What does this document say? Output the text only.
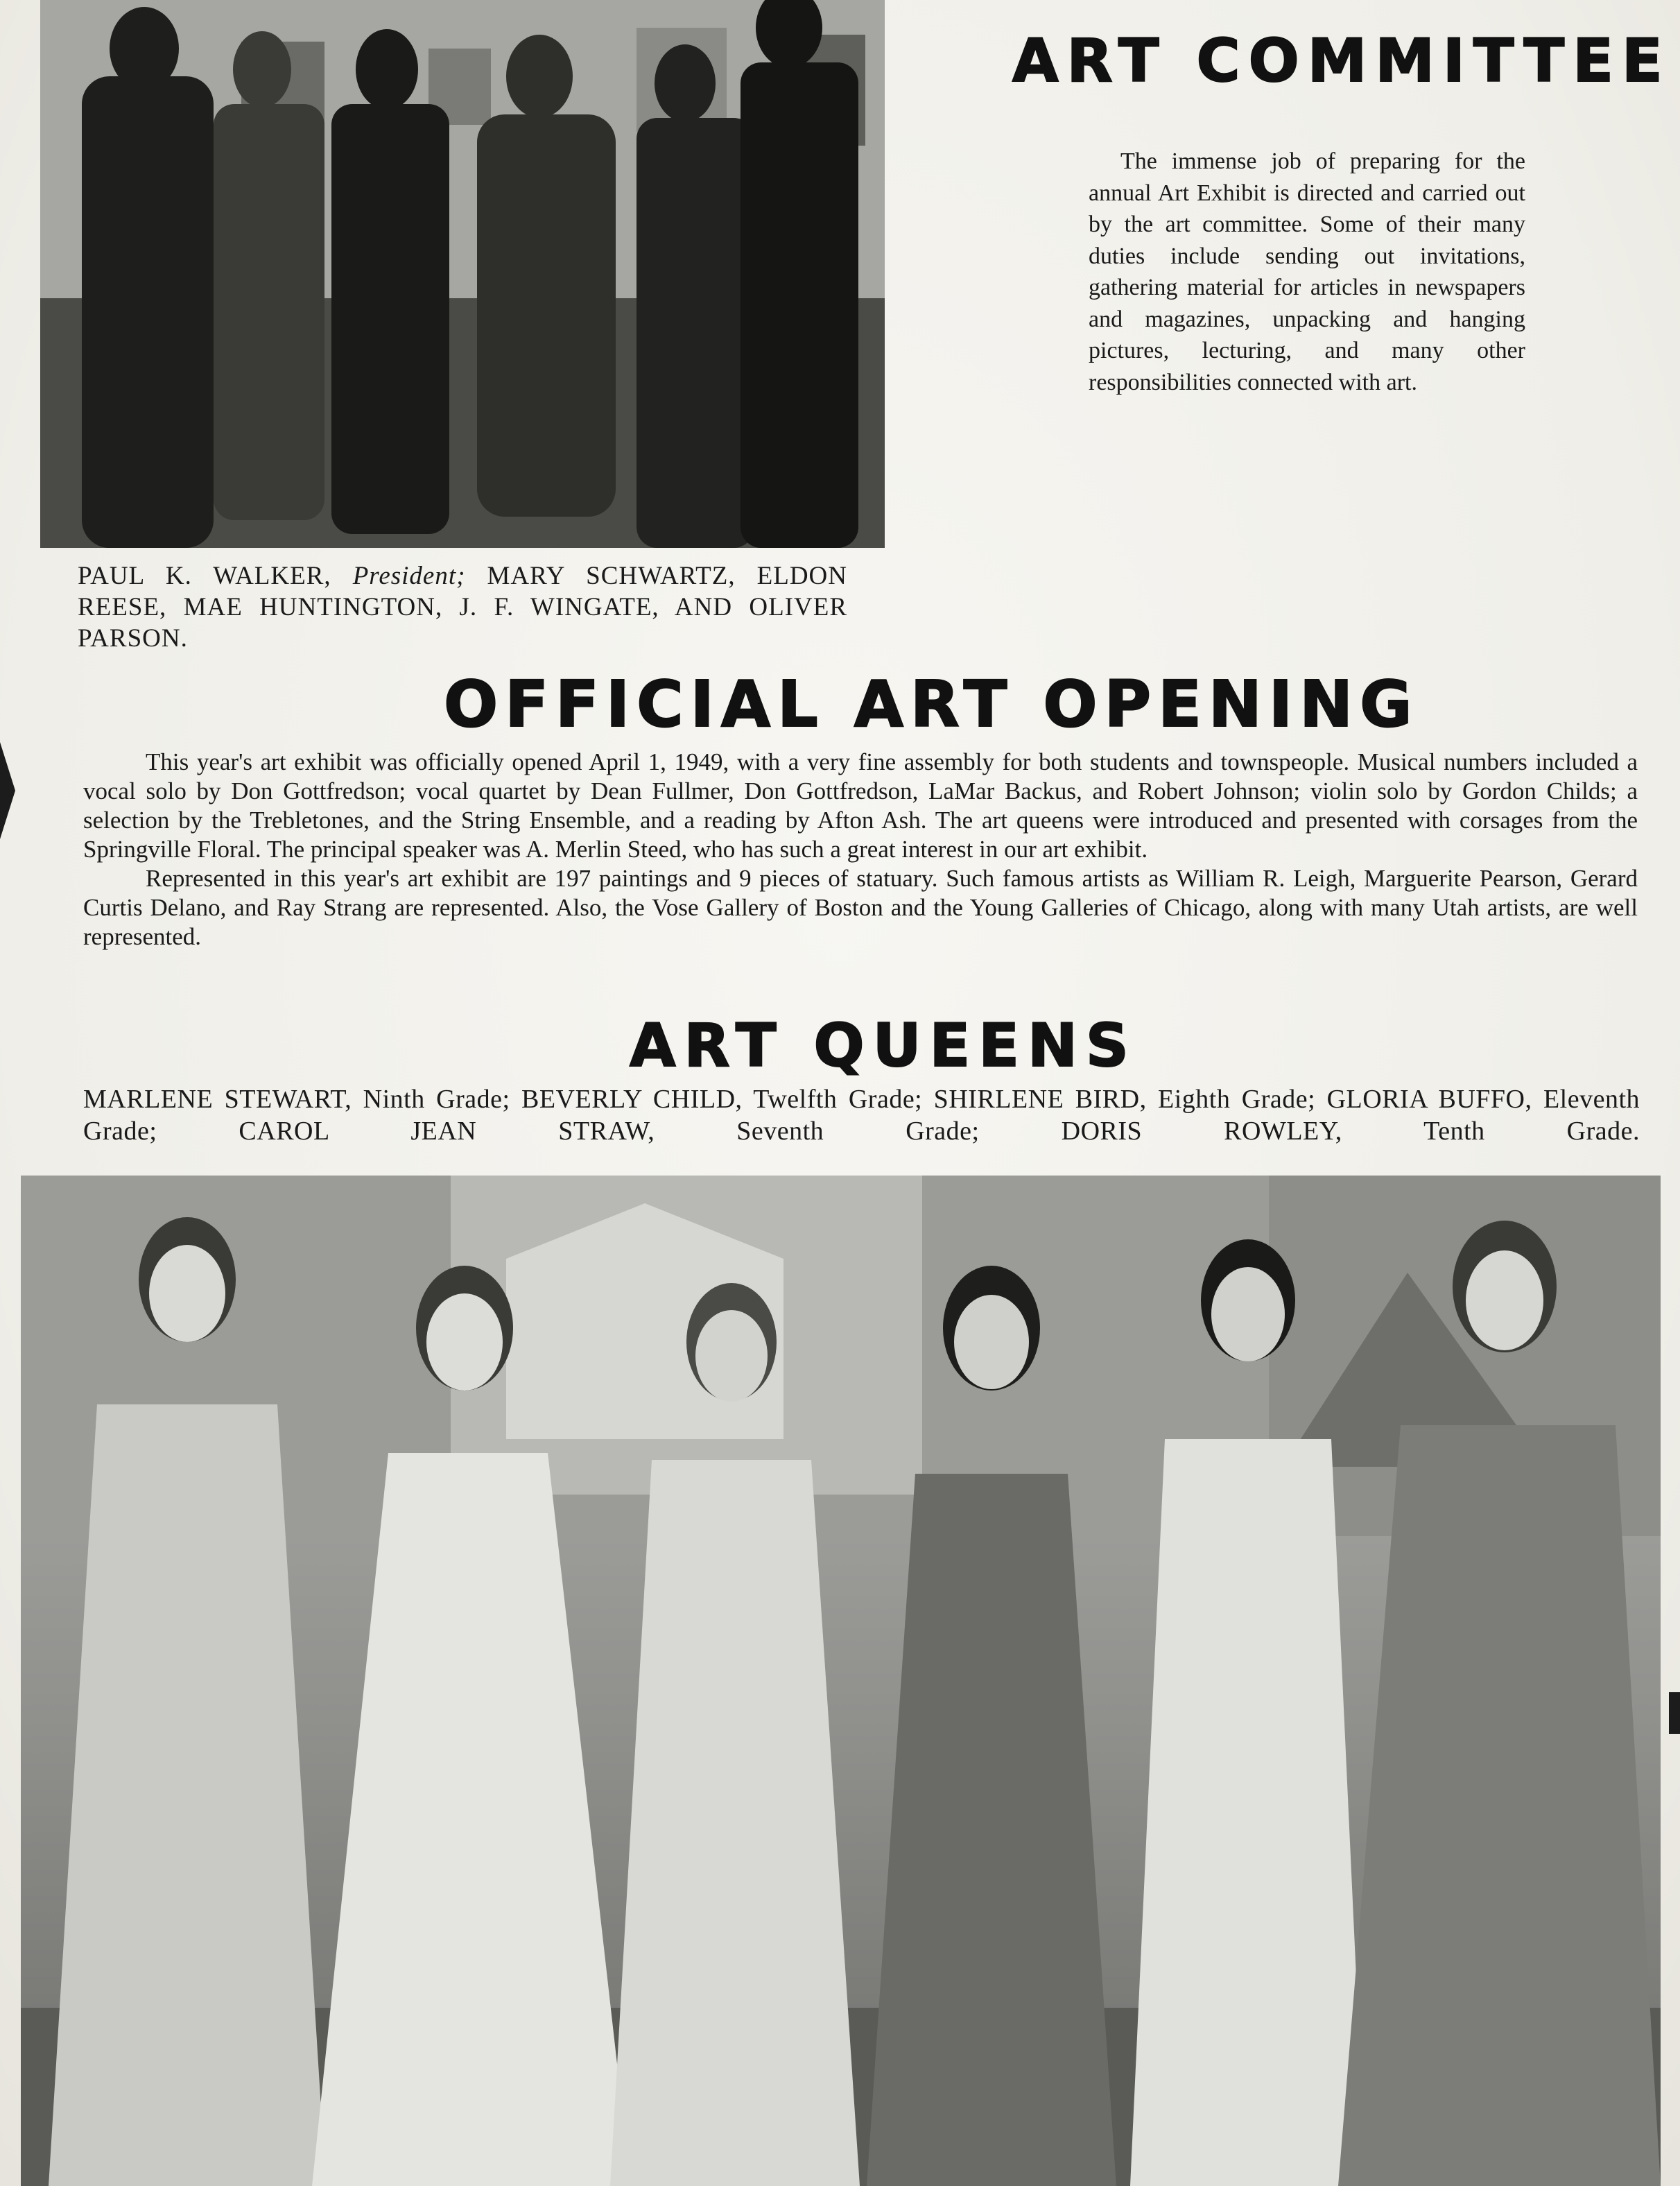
ART COMMITTEE

The immense job of preparing for the annual Art Exhibit is directed and carried out by the art committee. Some of their many duties include sending out invitations, gathering material for articles in newspapers and magazines, unpacking and hanging pictures, lecturing, and many other responsibilities connected with art.

PAUL K. WALKER, President; MARY SCHWARTZ, ELDON REESE, MAE HUNTINGTON, J. F. WINGATE, AND OLIVER PARSON.

OFFICIAL ART OPENING

This year's art exhibit was officially opened April 1, 1949, with a very fine assembly for both students and townspeople. Musical numbers included a vocal solo by Don Gottfredson; vocal quartet by Dean Fullmer, Don Gottfredson, LaMar Backus, and Robert Johnson; violin solo by Gordon Childs; a selection by the Trebletones, and the String Ensemble, and a reading by Afton Ash. The art queens were introduced and presented with corsages from the Springville Floral. The principal speaker was A. Merlin Steed, who has such a great interest in our art exhibit.

Represented in this year's art exhibit are 197 paintings and 9 pieces of statuary. Such famous artists as William R. Leigh, Marguerite Pearson, Gerard Curtis Delano, and Ray Strang are represented. Also, the Vose Gallery of Boston and the Young Galleries of Chicago, along with many Utah artists, are well represented.

ART QUEENS

MARLENE STEWART, Ninth Grade; BEVERLY CHILD, Twelfth Grade; SHIRLENE BIRD, Eighth Grade; GLORIA BUFFO, Eleventh Grade; CAROL JEAN STRAW, Seventh Grade; DORIS ROWLEY, Tenth Grade.
